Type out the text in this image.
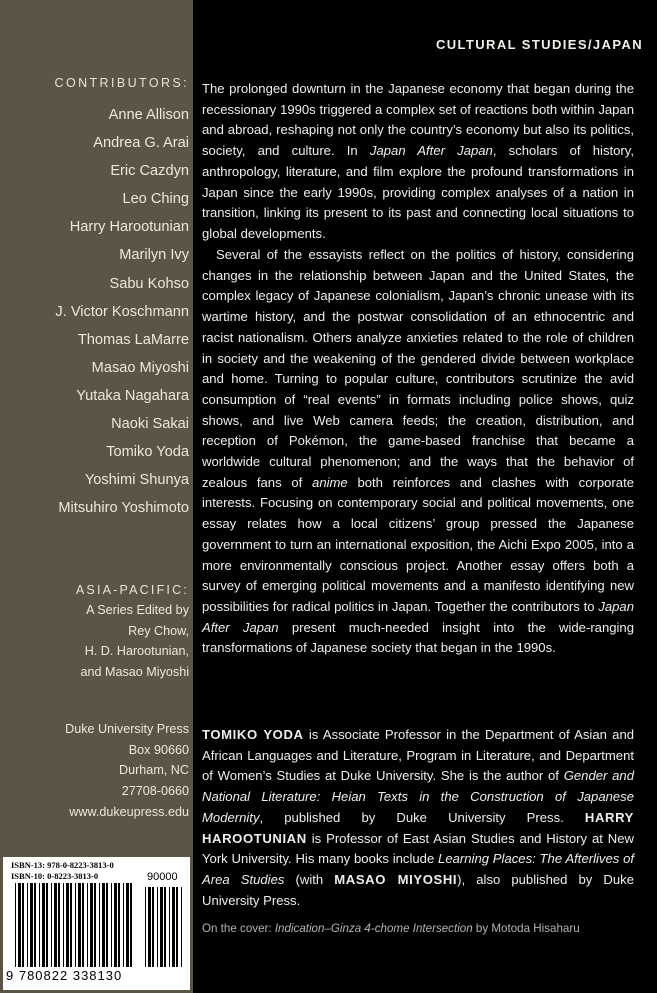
CONTRIBUTORS:
Anne Allison
Andrea G. Arai
Eric Cazdyn
Leo Ching
Harry Harootunian
Marilyn Ivy
Sabu Kohso
J. Victor Koschmann
Thomas LaMarre
Masao Miyoshi
Yutaka Nagahara
Naoki Sakai
Tomiko Yoda
Yoshimi Shunya
Mitsuhiro Yoshimoto
ASIA-PACIFIC:
A Series Edited by
Rey Chow,
H. D. Harootunian,
and Masao Miyoshi
Duke University Press
Box 90660
Durham, NC
27708-0660
www.dukeupress.edu
ISBN-13: 978-0-8223-3813-0
ISBN-10: 0-8223-3813-0	90000
9 780822 338130
CULTURAL STUDIES/JAPAN

The prolonged downturn in the Japanese economy that began during the recessionary 1990s triggered a complex set of reactions both within Japan and abroad, reshaping not only the country’s economy but also its politics, society, and culture. In Japan After Japan, scholars of history, anthropology, literature, and film explore the profound transformations in Japan since the early 1990s, providing complex analyses of a nation in transition, linking its present to its past and connecting local situations to global developments.

Several of the essayists reflect on the politics of history, considering changes in the relationship between Japan and the United States, the complex legacy of Japanese colonialism, Japan’s chronic unease with its wartime history, and the postwar consolidation of an ethnocentric and racist nationalism. Others analyze anxieties related to the role of children in society and the weakening of the gendered divide between workplace and home. Turning to popular culture, contributors scrutinize the avid consumption of “real events” in formats including police shows, quiz shows, and live Web camera feeds; the creation, distribution, and reception of Pokémon, the game-based franchise that became a worldwide cultural phenomenon; and the ways that the behavior of zealous fans of anime both reinforces and clashes with corporate interests. Focusing on contemporary social and political movements, one essay relates how a local citizens’ group pressed the Japanese government to turn an international exposition, the Aichi Expo 2005, into a more environmentally conscious project. Another essay offers both a survey of emerging political movements and a manifesto identifying new possibilities for radical politics in Japan. Together the contributors to Japan After Japan present much-needed insight into the wide-ranging transformations of Japanese society that began in the 1990s.

TOMIKO YODA is Associate Professor in the Department of Asian and African Languages and Literature, Program in Literature, and Department of Women’s Studies at Duke University. She is the author of Gender and National Literature: Heian Texts in the Construction of Japanese Modernity, published by Duke University Press. HARRY HAROOTUNIAN is Professor of East Asian Studies and History at New York University. His many books include Learning Places: The Afterlives of Area Studies (with MASAO MIYOSHI), also published by Duke University Press.

On the cover: Indication–Ginza 4-chome Intersection by Motoda Hisaharu
